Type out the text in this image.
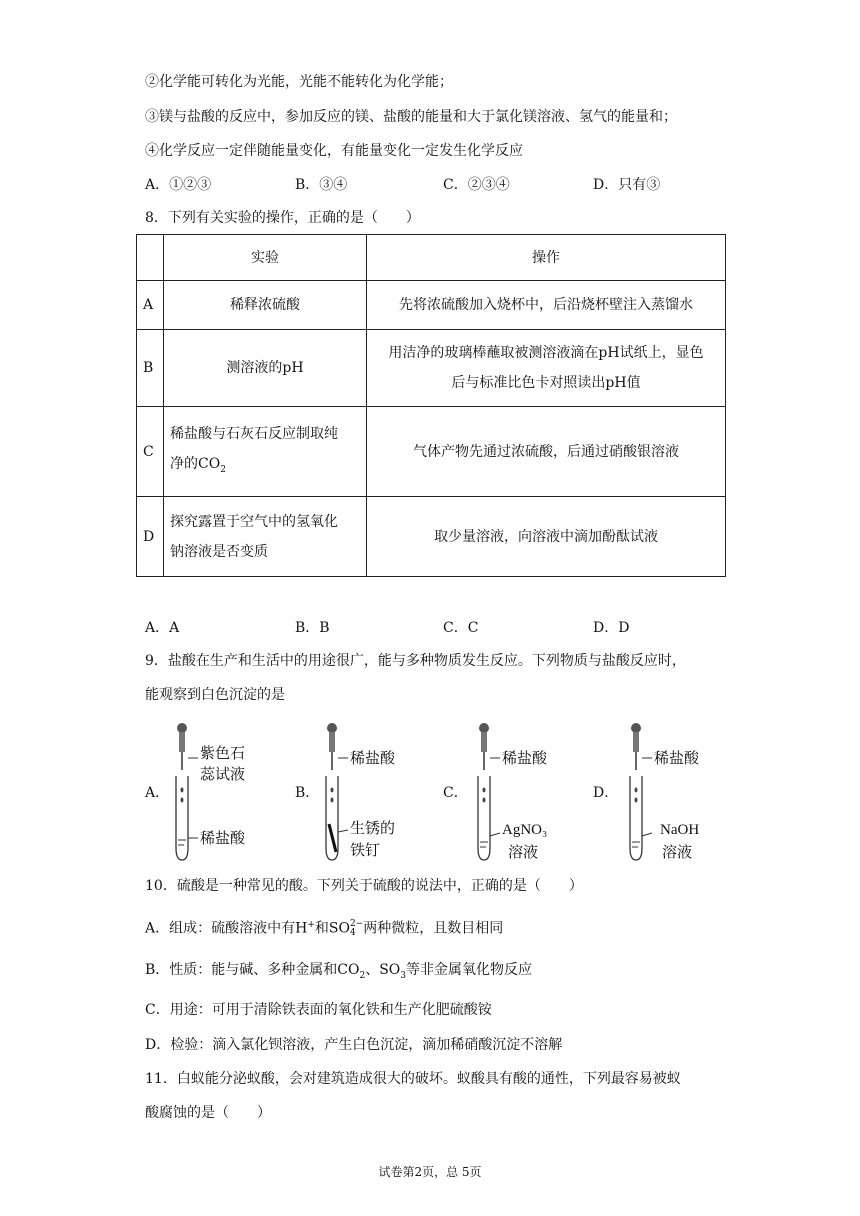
②化学能可转化为光能，光能不能转化为化学能；
③镁与盐酸的反应中，参加反应的镁、盐酸的能量和大于氯化镁溶液、氢气的能量和；
④化学反应一定伴随能量变化，有能量变化一定发生化学反应
A．①②③	B．③④	C．②③④	D．只有③
8．下列有关实验的操作，正确的是（　　）
	实验	操作
A	稀释浓硫酸	先将浓硫酸加入烧杯中，后沿烧杯壁注入蒸馏水
B	测溶液的pH	用洁净的玻璃棒蘸取被测溶液滴在pH试纸上，显色
后与标准比色卡对照读出pH值

C	稀盐酸与石灰石反应制取纯
净的$CO_2$	气体产物先通过浓硫酸，后通过硝酸银溶液
D	探究露置于空气中的氢氧化
钠溶液是否变质	取少量溶液，向溶液中滴加酚酞试液
A．A	B．B	C．C	D．D
9．盐酸在生产和生活中的用途很广，能与多种物质发生反应。下列物质与盐酸反应时，
能观察到白色沉淀的是
A．	B．	C．	D．
紫色石
蕊试液
稀盐酸
稀盐酸
生锈的
铁钉
稀盐酸
AgNO₃
溶液
稀盐酸
NaOH
溶液
10．硫酸是一种常见的酸。下列关于硫酸的说法中，正确的是（　　）
A．组成：硫酸溶液中有H+和SO 2−
4 两种微粒，且数目相同
B．性质：能与碱、多种金属和$CO_2$、$SO_3$等非金属氧化物反应
C．用途：可用于清除铁表面的氧化铁和生产化肥硫酸铵
D．检验：滴入氯化钡溶液，产生白色沉淀，滴加稀硝酸沉淀不溶解
11．白蚁能分泌蚁酸，会对建筑造成很大的破坏。蚁酸具有酸的通性，下列最容易被蚁
酸腐蚀的是（　　）
试卷第2页，总 5页
